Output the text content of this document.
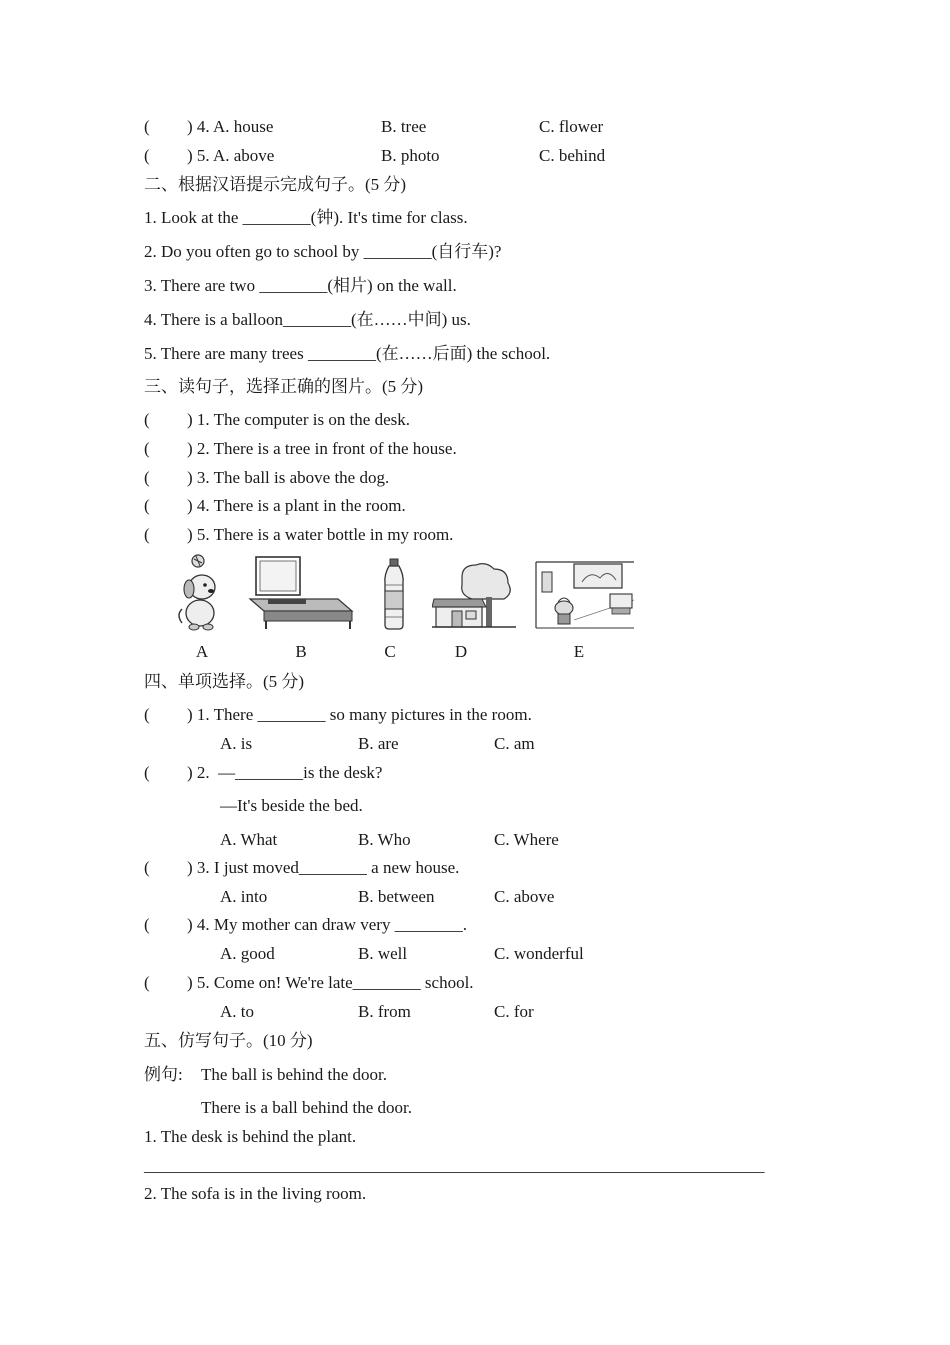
( ) 4. A. house	B. tree	C. flower
( ) 5. A. above	B. photo	C. behind
二、根据汉语提示完成句子。(5 分)
1. Look at the ________(钟). It's time for class.
2. Do you often go to school by ________(自行车)?
3. There are two ________(相片) on the wall.
4. There is a balloon________(在……中间) us.
5. There are many trees ________(在……后面) the school.
三、读句子，选择正确的图片。(5 分)
( ) 1. The computer is on the desk.
( ) 2. There is a tree in front of the house.
( ) 3. The ball is above the dog.
( ) 4. There is a plant in the room.
( ) 5. There is a water bottle in my room.
A	B	C	D	E
四、单项选择。(5 分)
( ) 1. There ________ so many pictures in the room.
A. is	B. are	C. am
( ) 2.  —________is the desk?
—It's beside the bed.
A. What	B. Who	C. Where
( ) 3. I just moved________ a new house.
A. into	B. between	C. above
( ) 4. My mother can draw very ________.
A. good	B. well	C. wonderful
( ) 5. Come on! We're late________ school.
A. to	B. from	C. for
五、仿写句子。(10 分)
例句: The ball is behind the door.
There is a ball behind the door.
1. The desk is behind the plant.
_________________________________________________________________________
2. The sofa is in the living room.
